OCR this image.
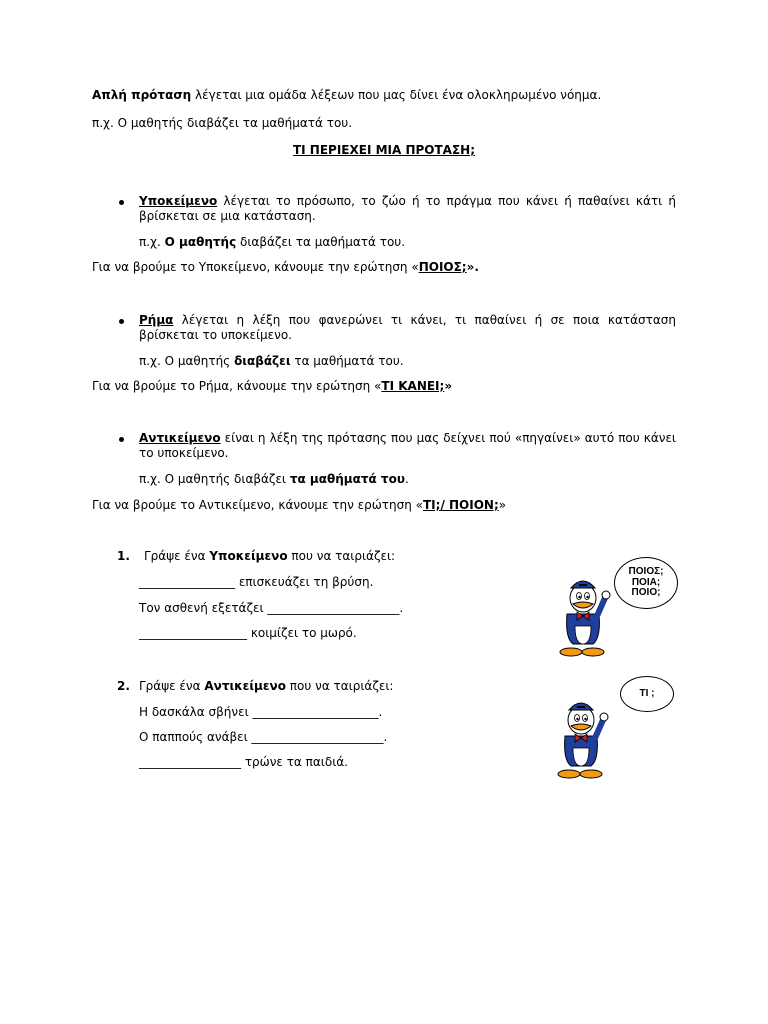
Απλή πρόταση λέγεται μια ομάδα λέξεων που μας δίνει ένα ολοκληρωμένο νόημα.
π.χ. Ο μαθητής διαβάζει τα μαθήματά του.
ΤΙ ΠΕΡΙΕΧΕΙ ΜΙΑ ΠΡΟΤΑΣΗ;
Υποκείμενο λέγεται το πρόσωπο, το ζώο ή το πράγμα που κάνει ή παθαίνει κάτι ή βρίσκεται σε μια κατάσταση.
π.χ. Ο μαθητής διαβάζει τα μαθήματά του.
Για να βρούμε το Υποκείμενο, κάνουμε την ερώτηση «ΠΟΙΟΣ;».
Ρήμα λέγεται η λέξη που φανερώνει τι κάνει, τι παθαίνει ή σε ποια κατάσταση βρίσκεται το υποκείμενο.
π.χ. Ο μαθητής διαβάζει τα μαθήματά του.
Για να βρούμε το Ρήμα, κάνουμε την ερώτηση «ΤΙ ΚΑΝΕΙ;»
Αντικείμενο είναι η λέξη της πρότασης που μας δείχνει πού «πηγαίνει» αυτό που κάνει το υποκείμενο.
π.χ. Ο μαθητής διαβάζει τα μαθήματά του.
Για να βρούμε το Αντικείμενο, κάνουμε την ερώτηση «ΤΙ;/ ΠΟΙΟΝ;»
1. Γράψε ένα Υποκείμενο που να ταιριάζει:
________________ επισκευάζει τη βρύση.
Τον ασθενή εξετάζει ______________________.
__________________ κοιμίζει το μωρό.
ΠΟΙΟΣ;
ΠΟΙΑ;
ΠΟΙΟ;
2. Γράψε ένα Αντικείμενο που να ταιριάζει:
Η δασκάλα σβήνει _____________________.
Ο παππούς ανάβει ______________________.
_________________ τρώνε τα παιδιά.
ΤΙ ;
